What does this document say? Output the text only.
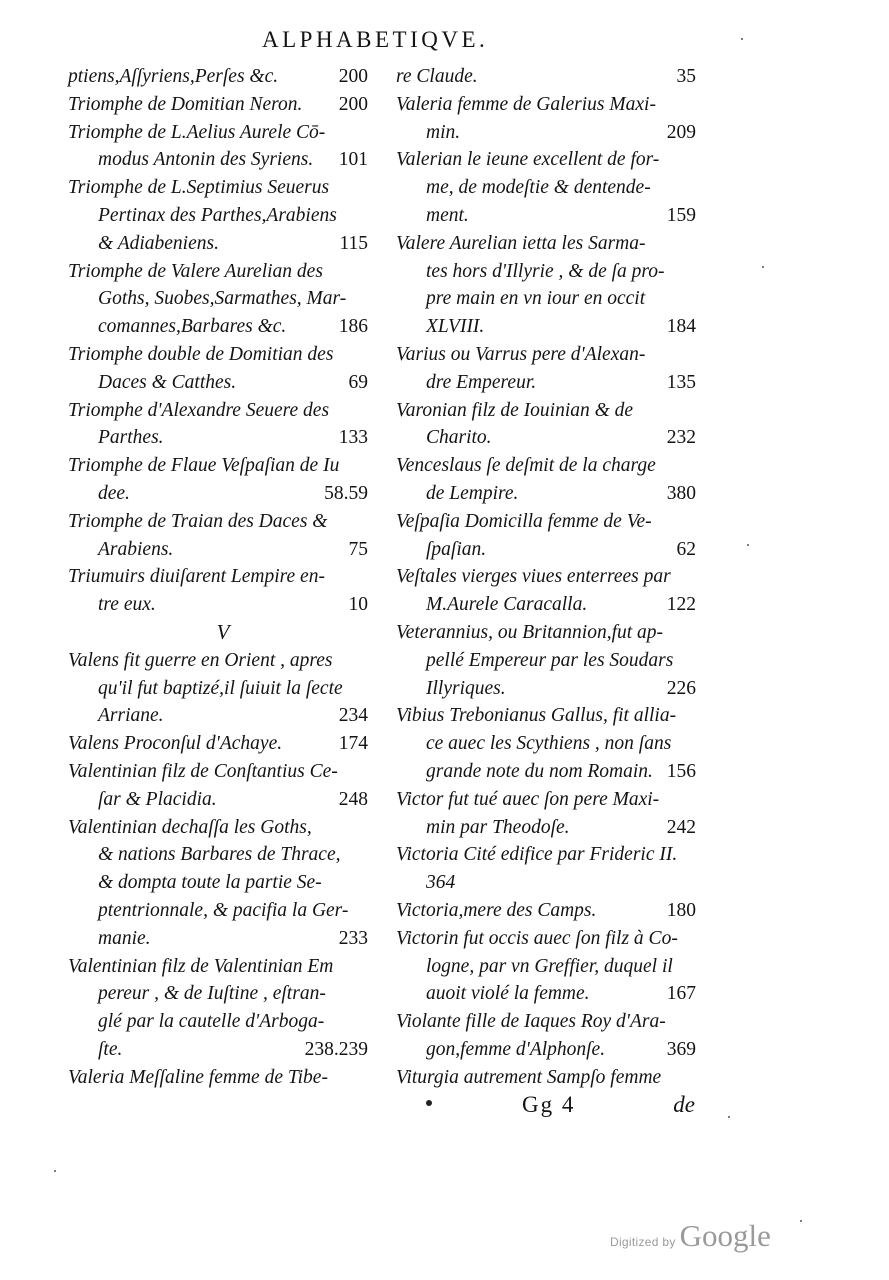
ALPHABETIQVE.
200
ptiens,Aſſyriens,Perſes &c.
200
Triomphe de Domitian Neron.
Triomphe de L.Aelius Aurele Cō-
101
modus Antonin des Syriens.
Triomphe de L.Septimius Seuerus
Pertinax des Parthes,Arabiens
115
& Adiabeniens.
Triomphe de Valere Aurelian des
Goths, Suobes,Sarmathes, Mar-
186
comannes,Barbares &c.
Triomphe double de Domitian des
69
Daces & Catthes.
Triomphe d'Alexandre Seuere des
133
Parthes.
Triomphe de Flaue Veſpaſian de Iu
58.59
dee.
Triomphe de Traian des Daces &
75
Arabiens.
Triumuirs diuiſarent Lempire en-
10
tre eux.
V
Valens fit guerre en Orient , apres
qu'il fut baptizé,il ſuiuit la ſecte
234
Arriane.
174
Valens Proconſul d'Achaye.
Valentinian filz de Conſtantius Ce-
248
ſar & Placidia.
Valentinian dechaſſa les Goths,
& nations Barbares de Thrace,
& dompta toute la partie Se-
ptentrionnale, & pacifia la Ger-
233
manie.
Valentinian filz de Valentinian Em
pereur , & de Iuſtine , eſtran-
glé par la cautelle d'Arboga-
238.239
ſte.
Valeria Meſſaline femme de Tibe-
35
re Claude.
Valeria femme de Galerius Maxi-
209
min.
Valerian le ieune excellent de for-
me, de modeſtie & dentende-
159
ment.
Valere Aurelian ietta les Sarma-
tes hors d'Illyrie , & de ſa pro-
pre main en vn iour en occit
184
XLVIII.
Varius ou Varrus pere d'Alexan-
135
dre Empereur.
Varonian filz de Iouinian & de
232
Charito.
Venceslaus ſe deſmit de la charge
380
de Lempire.
Veſpaſia Domicilla femme de Ve-
62
ſpaſian.
Veſtales vierges viues enterrees par
122
M.Aurele Caracalla.
Veterannius, ou Britannion,fut ap-
pellé Empereur par les Soudars
226
Illyriques.
Vibius Trebonianus Gallus, fit allia-
ce auec les Scythiens , non ſans
156
grande note du nom Romain.
Victor fut tué auec ſon pere Maxi-
242
min par Theodoſe.
Victoria Cité edifice par Frideric II.
364
180
Victoria,mere des Camps.
Victorin fut occis auec ſon filz à Co-
logne, par vn Greffier, duquel il
167
auoit violé la femme.
Violante fille de Iaques Roy d'Ara-
369
gon,femme d'Alphonſe.
Viturgia autrement Sampſo femme
Gg 4	de
Digitized by Google
